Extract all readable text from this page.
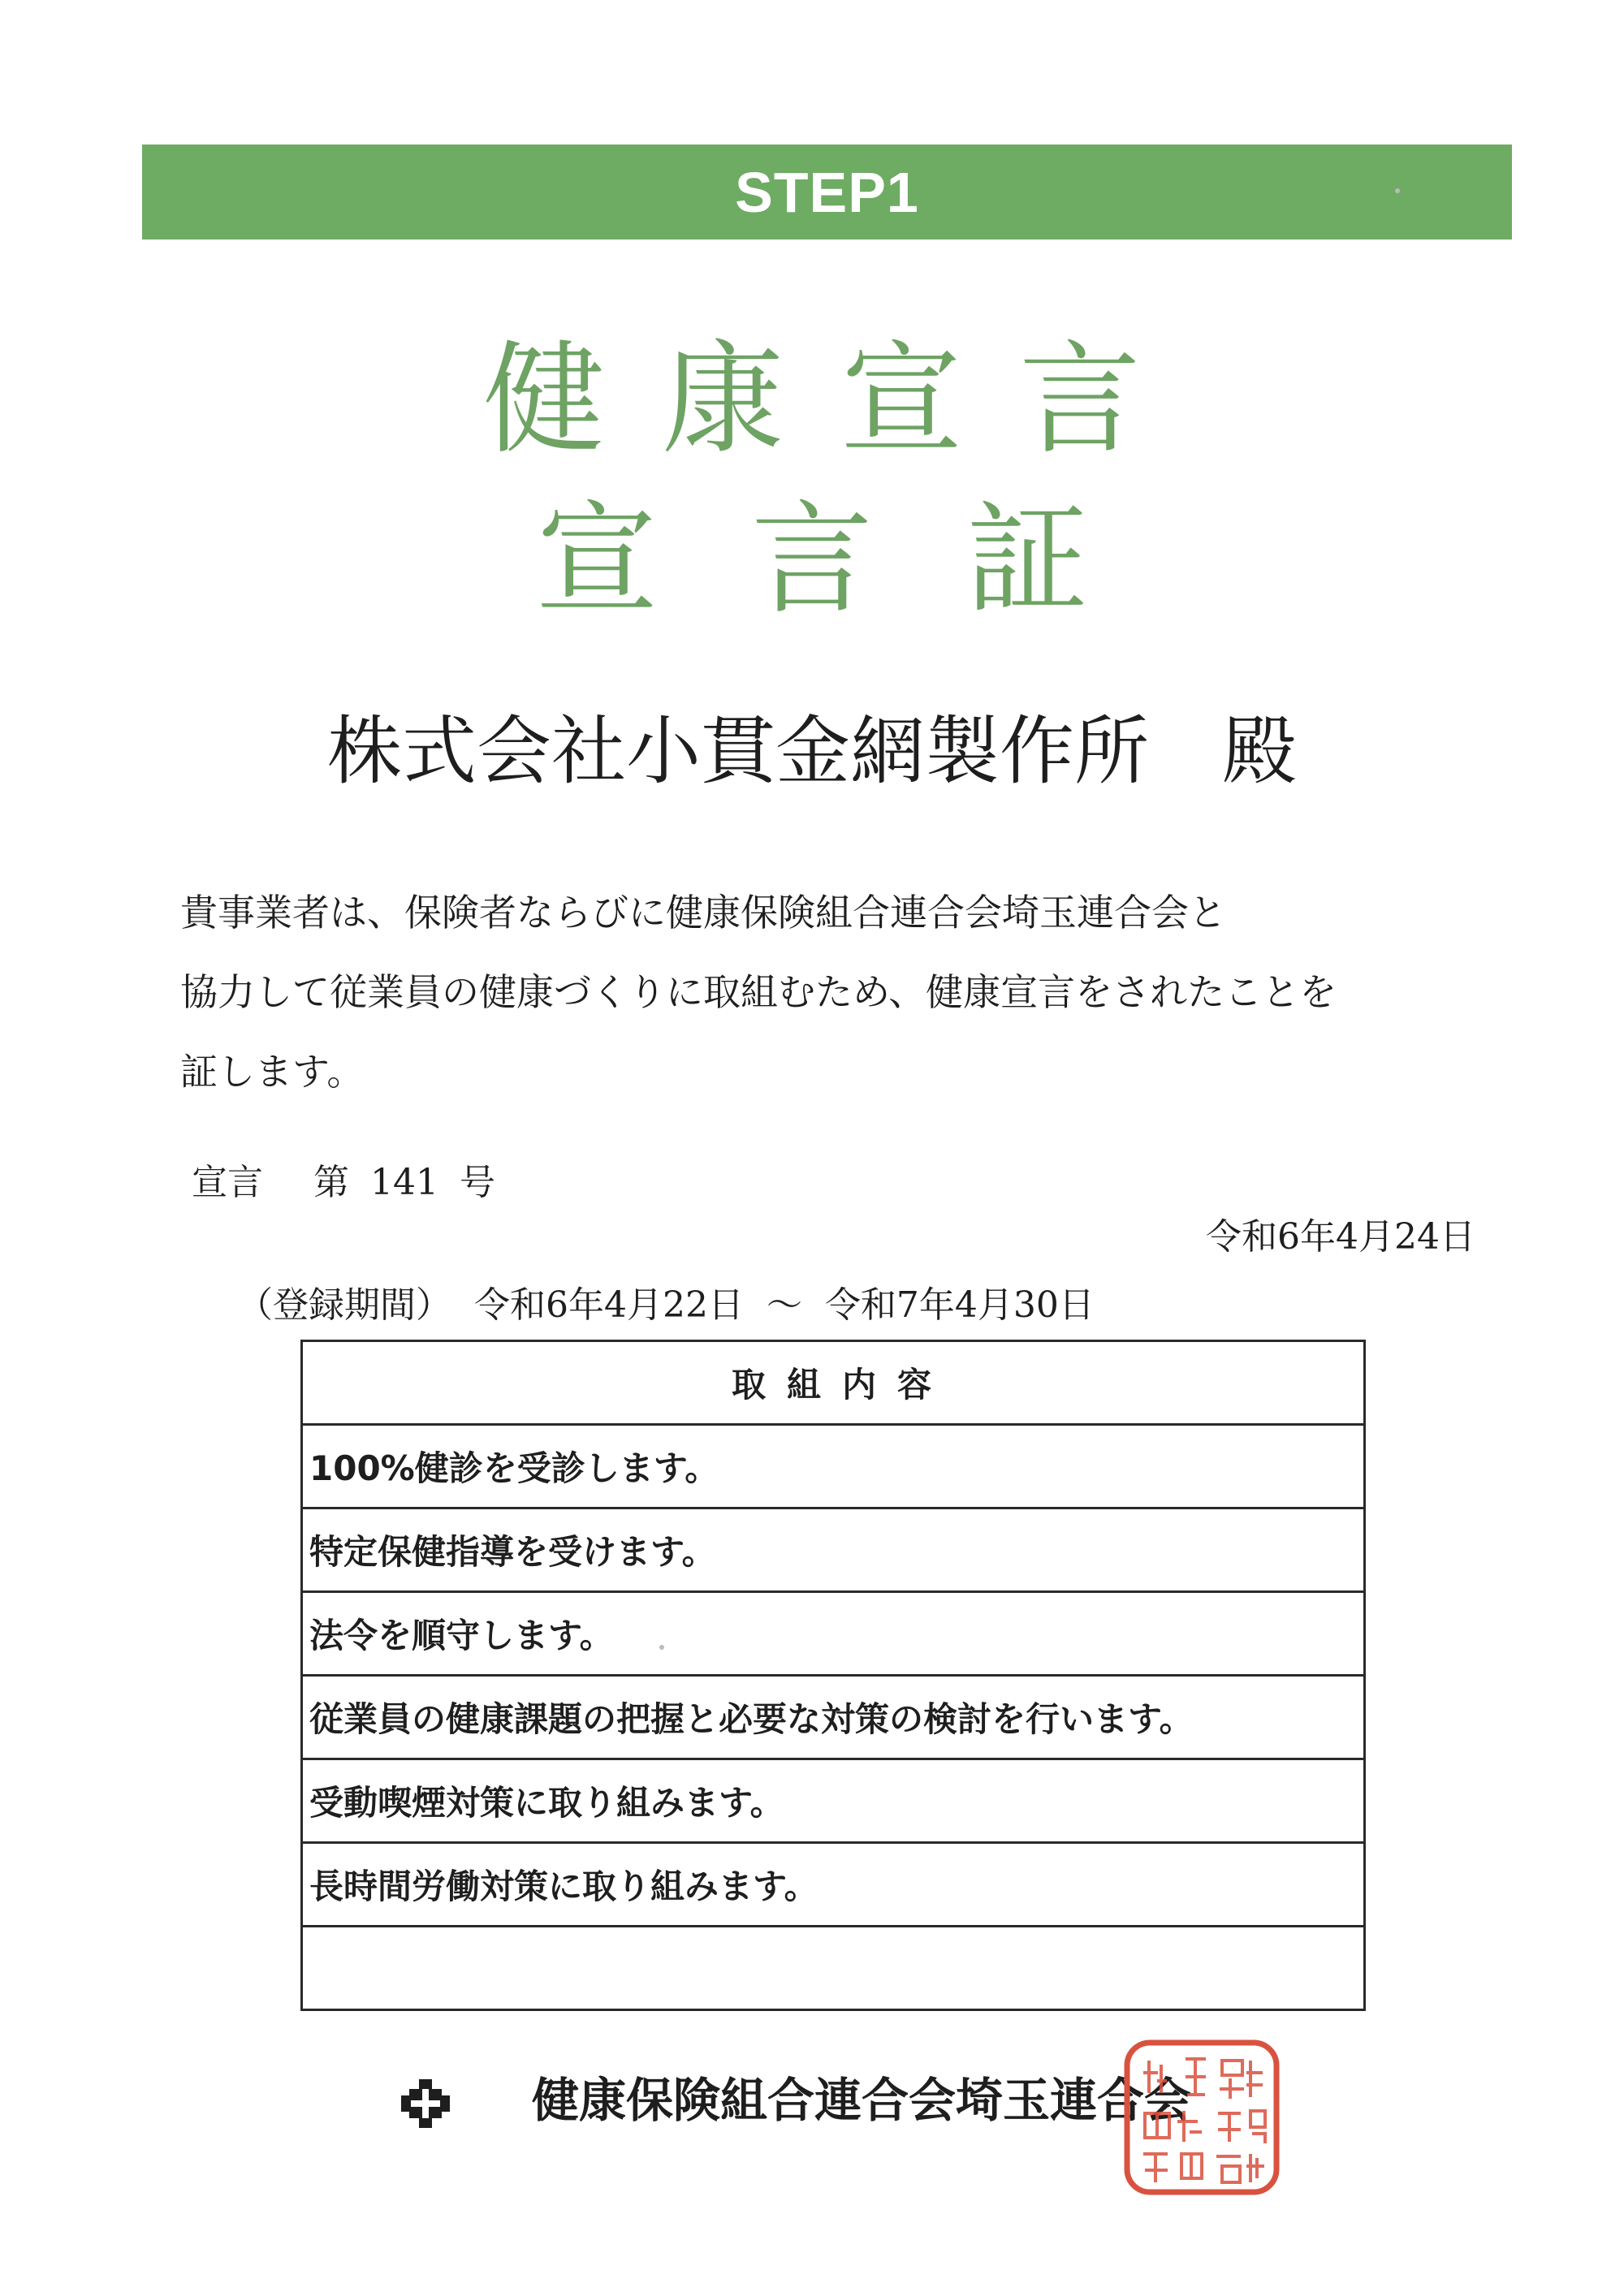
STEP1
健康宣言
宣言証
株式会社小貫金網製作所 殿
貴事業者は、保険者ならびに健康保険組合連合会埼玉連合会と
協力して従業員の健康づくりに取組むため、健康宣言をされたことを
証します。
宣言 第 141 号
令和6年4月24日
（登録期間） 令和6年4月22日 ～ 令和7年4月30日
取組内容
100%健診を受診します。
特定保健指導を受けます。
法令を順守します。
従業員の健康課題の把握と必要な対策の検討を行います。
受動喫煙対策に取り組みます。
長時間労働対策に取り組みます。

健康保険組合連合会埼玉連合会
